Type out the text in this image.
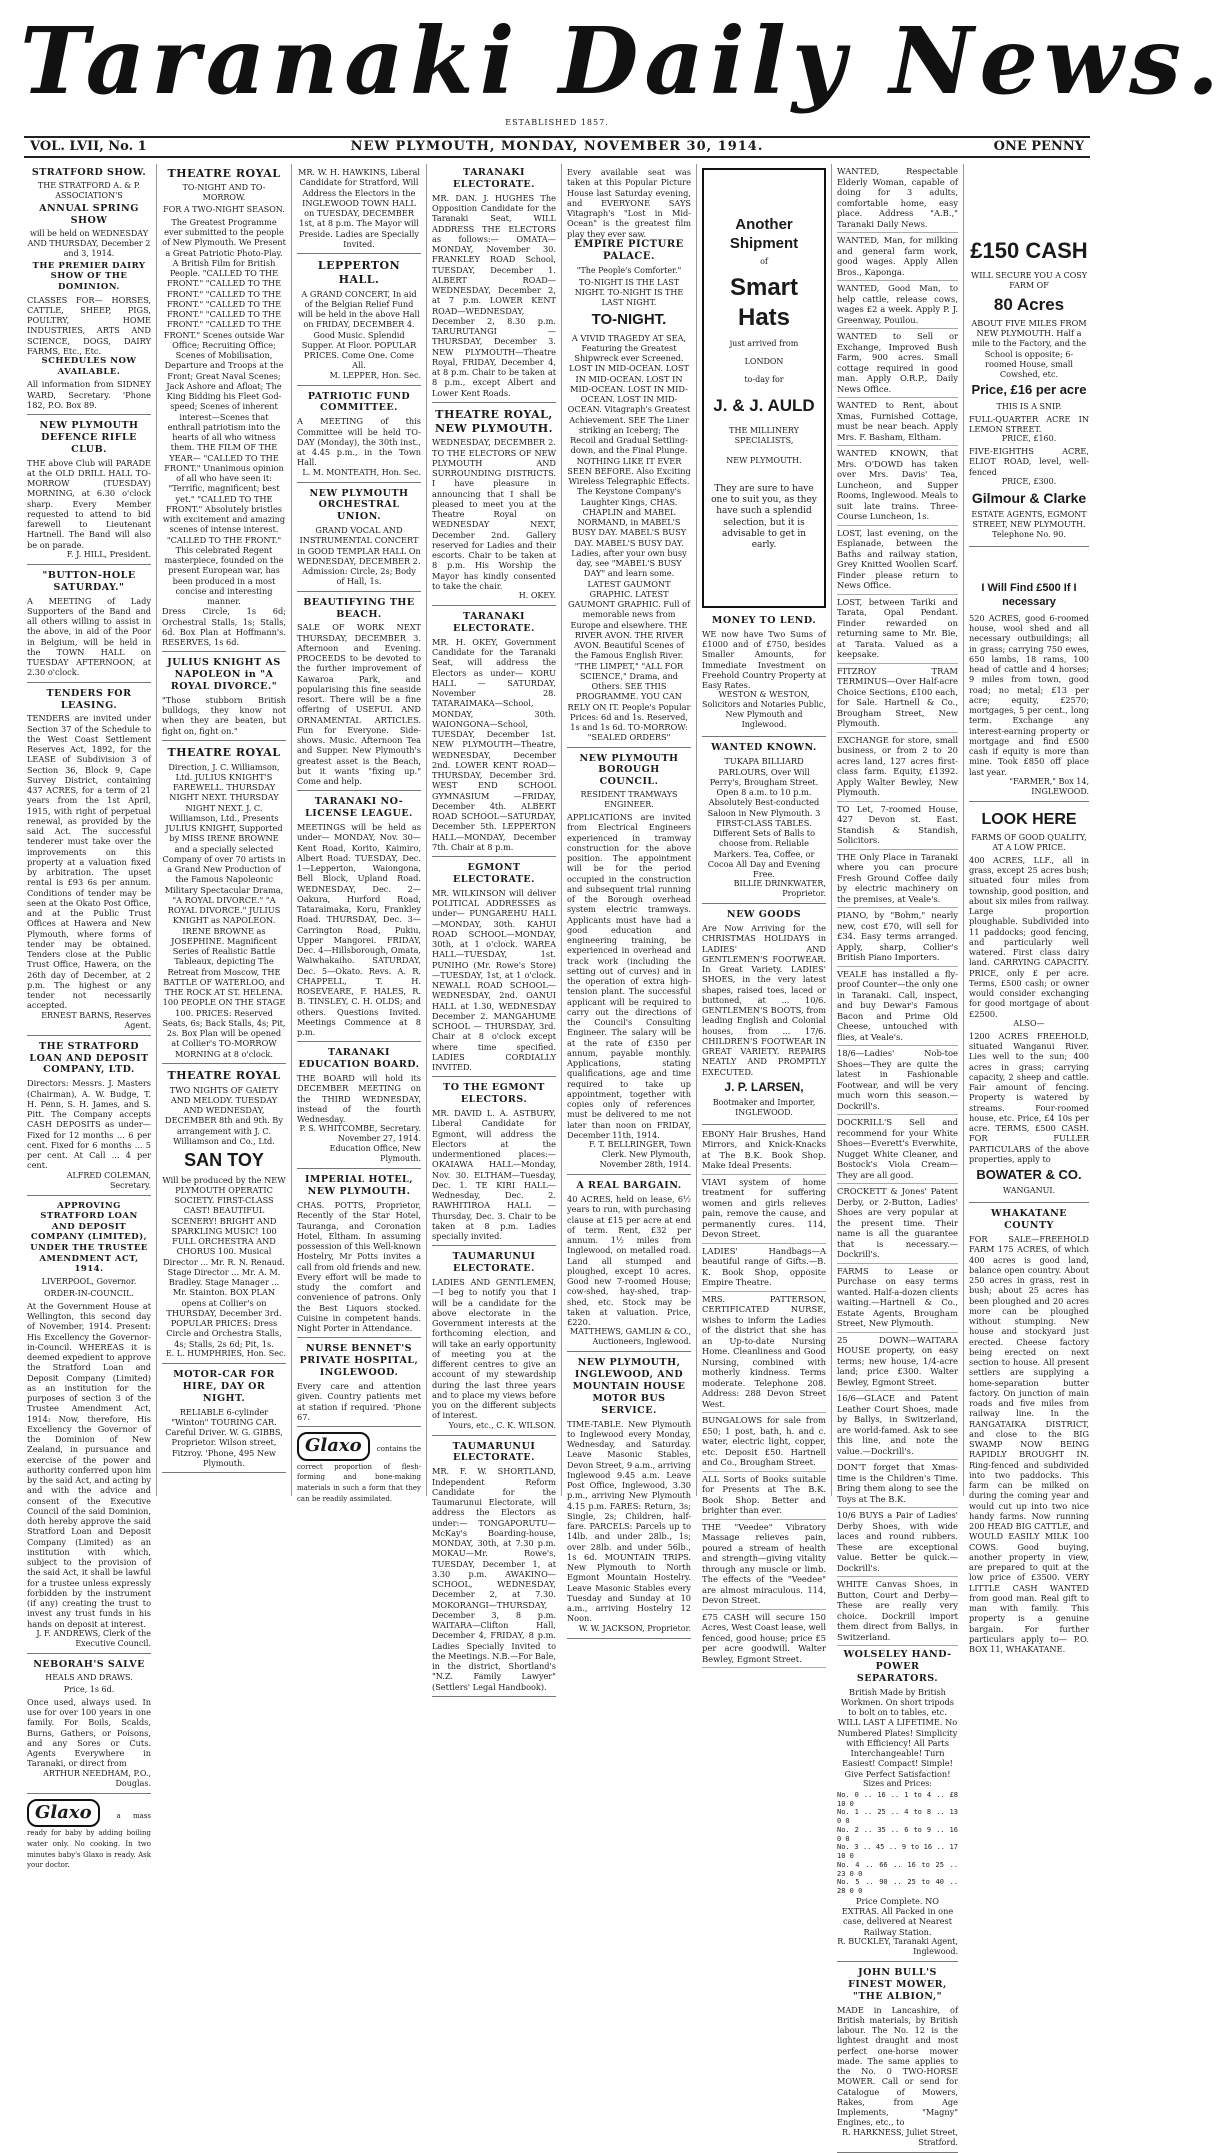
Taranaki Daily News.
ESTABLISHED 1857.
VOL. LVII, No. 1	NEW PLYMOUTH, MONDAY, NOVEMBER 30, 1914.	ONE PENNY
STRATFORD SHOW.
THE STRATFORD A. & P. ASSOCIATION'S
ANNUAL SPRING SHOW
will be held on WEDNESDAY AND THURSDAY, December 2 and 3, 1914.
THE PREMIER DAIRY SHOW OF THE DOMINION.
CLASSES FOR— HORSES, CATTLE, SHEEP, PIGS, POULTRY, HOME INDUSTRIES, ARTS AND SCIENCE, DOGS, DAIRY FARMS, Etc., Etc.
SCHEDULES NOW AVAILABLE.
All information from SIDNEY WARD, Secretary. 'Phone 182, P.O. Box 89.
NEW PLYMOUTH DEFENCE RIFLE CLUB.
THE above Club will PARADE at the OLD DRILL HALL TO-MORROW (TUESDAY) MORNING, at 6.30 o'clock sharp. Every Member requested to attend to bid farewell to Lieutenant Hartnell. The Band will also be on parade.
F. J. HILL, President.
"BUTTON-HOLE SATURDAY."
A MEETING of Lady Supporters of the Band and all others willing to assist in the above, in aid of the Poor in Belgium, will be held in the TOWN HALL on TUESDAY AFTERNOON, at 2.30 o'clock.
TENDERS FOR LEASING.
TENDERS are invited under Section 37 of the Schedule to the West Coast Settlement Reserves Act, 1892, for the LEASE of Subdivision 3 of Section 36, Block 9, Cape Survey District, containing 437 ACRES, for a term of 21 years from the 1st April, 1915, with right of perpetual renewal, as provided by the said Act. The successful tenderer must take over the improvements on this property at a valuation fixed by arbitration. The upset rental is £93 6s per annum. Conditions of tender may be seen at the Okato Post Office, and at the Public Trust Offices at Hawera and New Plymouth, where forms of tender may be obtained. Tenders close at the Public Trust Office, Hawera, on the 26th day of December, at 2 p.m. The highest or any tender not necessarily accepted.
ERNEST BARNS, Reserves Agent.
THE STRATFORD LOAN AND DEPOSIT COMPANY, LTD.
Directors: Messrs. J. Masters (Chairman), A. W. Budge, T. H. Penn, S. H. James, and S. Pitt. The Company accepts CASH DEPOSITS as under— Fixed for 12 months ... 6 per cent. Fixed for 6 months ... 5 per cent. At Call ... 4 per cent.
ALFRED COLEMAN, Secretary.
APPROVING STRATFORD LOAN AND DEPOSIT COMPANY (LIMITED), UNDER THE TRUSTEE AMENDMENT ACT, 1914.
LIVERPOOL, Governor.
ORDER-IN-COUNCIL.
At the Government House at Wellington, this second day of November, 1914. Present: His Excellency the Governor-in-Council. WHEREAS it is deemed expedient to approve the Stratford Loan and Deposit Company (Limited) as an institution for the purposes of section 3 of the Trustee Amendment Act, 1914: Now, therefore, His Excellency the Governor of the Dominion of New Zealand, in pursuance and exercise of the power and authority conferred upon him by the said Act, and acting by and with the advice and consent of the Executive Council of the said Dominion, doth hereby approve the said Stratford Loan and Deposit Company (Limited) as an institution with which, subject to the provision of the said Act, it shall be lawful for a trustee unless expressly forbidden by the instrument (if any) creating the trust to invest any trust funds in his hands on deposit at interest.
J. F. ANDREWS, Clerk of the Executive Council.
NEBORAH'S SALVE
HEALS AND DRAWS.
Price, 1s 6d.
Once used, always used. In use for over 100 years in one family. For Boils, Scalds, Burns, Gathers, or Poisons, and any Sores or Cuts. Agents Everywhere in Taranaki, or direct from
ARTHUR NEEDHAM, P.O., Douglas.
Glaxo	a mass ready for baby by adding boiling water only. No cooking. In two minutes baby's Glaxo is ready. Ask your doctor.
THEATRE ROYAL
TO-NIGHT AND TO-MORROW.
FOR A TWO-NIGHT SEASON.
The Greatest Programme ever submitted to the people of New Plymouth. We Present a Great Patriotic Photo-Play. A British Film for British People. "CALLED TO THE FRONT." "CALLED TO THE FRONT." "CALLED TO THE FRONT." "CALLED TO THE FRONT." "CALLED TO THE FRONT." "CALLED TO THE FRONT." Scenes outside War Office; Recruiting Office; Scenes of Mobilisation, Departure and Troops at the Front; Great Naval Scenes; Jack Ashore and Afloat; The King Bidding his Fleet God-speed; Scenes of inherent interest—Scenes that enthrall patriotism into the hearts of all who witness them. THE FILM OF THE YEAR— "CALLED TO THE FRONT." Unanimous opinion of all who have seen it: "Terrific, magnificent; best yet." "CALLED TO THE FRONT." Absolutely bristles with excitement and amazing scenes of intense interest. "CALLED TO THE FRONT." This celebrated Regent masterpiece, founded on the present European war, has been produced in a most concise and interesting manner.
Dress Circle, 1s 6d; Orchestral Stalls, 1s; Stalls, 6d. Box Plan at Hoffmann's. RESERVES, 1s 6d.
JULIUS KNIGHT AS NAPOLEON in "A ROYAL DIVORCE."
"Those stubborn British bulldogs, they know not when they are beaten, but fight on, fight on."
THEATRE ROYAL
Direction, J. C. Williamson, Ltd. JULIUS KNIGHT'S FAREWELL. THURSDAY NIGHT NEXT. THURSDAY NIGHT NEXT. J. C. Williamson, Ltd., Presents JULIUS KNIGHT, Supported by MISS IRENE BROWNE and a specially selected Company of over 70 artists in a Grand New Production of the Famous Napoleonic Military Spectacular Drama, "A ROYAL DIVORCE." "A ROYAL DIVORCE." JULIUS KNIGHT as NAPOLEON. IRENE BROWNE as JOSEPHINE. Magnificent Series of Realistic Battle Tableaux, depicting The Retreat from Moscow, THE BATTLE OF WATERLOO, and THE ROCK AT ST. HELENA. 100 PEOPLE ON THE STAGE 100. PRICES: Reserved Seats, 6s; Back Stalls, 4s; Pit, 2s. Box Plan will be opened at Collier's TO-MORROW MORNING at 8 o'clock.
THEATRE ROYAL
TWO NIGHTS OF GAIETY AND MELODY. TUESDAY AND WEDNESDAY, DECEMBER 8th and 9th. By arrangement with J. C. Williamson and Co., Ltd.
SAN TOY
Will be produced by the NEW PLYMOUTH OPERATIC SOCIETY. FIRST-CLASS CAST! BEAUTIFUL SCENERY! BRIGHT AND SPARKLING MUSIC! 100 FULL ORCHESTRA AND CHORUS 100. Musical Director ... Mr. R. N. Renaud. Stage Director ... Mr. A. M. Bradley. Stage Manager ... Mr. Stainton. BOX PLAN opens at Collier's on THURSDAY, December 3rd. POPULAR PRICES: Dress Circle and Orchestra Stalls, 4s; Stalls, 2s 6d; Pit, 1s.
E. L. HUMPHRIES, Hon. Sec.
MOTOR-CAR FOR HIRE, DAY OR NIGHT.
RELIABLE 6-cylinder "Winton" TOURING CAR. Careful Driver. W. G. GIBBS, Proprietor. Wilson street, Fitzroy. 'Phone, 495 New Plymouth.
MR. W. H. HAWKINS, Liberal Candidate for Stratford, Will Address the Electors in the INGLEWOOD TOWN HALL on TUESDAY, DECEMBER 1st, at 8 p.m. The Mayor will Preside. Ladies are Specially Invited.
LEPPERTON HALL.
A GRAND CONCERT, In aid of the Belgian Relief Fund will be held in the above Hall on FRIDAY, DECEMBER 4. Good Music. Splendid Supper. At Floor. POPULAR PRICES. Come One. Come All.
M. LEPPER, Hon. Sec.
PATRIOTIC FUND COMMITTEE.
A MEETING of this Committee will be held TO-DAY (Monday), the 30th inst., at 4.45 p.m., in the Town Hall.
L. M. MONTEATH, Hon. Sec.
NEW PLYMOUTH ORCHESTRAL UNION.
GRAND VOCAL AND INSTRUMENTAL CONCERT in GOOD TEMPLAR HALL On WEDNESDAY, DECEMBER 2. Admission: Circle, 2s; Body of Hall, 1s.
BEAUTIFYING THE BEACH.
SALE OF WORK NEXT THURSDAY, DECEMBER 3. Afternoon and Evening. PROCEEDS to be devoted to the further improvement of Kawaroa Park, and popularising this fine seaside resort. There will be a fine offering of USEFUL AND ORNAMENTAL ARTICLES. Fun for Everyone. Side-shows. Music. Afternoon Tea and Supper. New Plymouth's greatest asset is the Beach, but it wants "fixing up." Come and help.
TARANAKI NO-LICENSE LEAGUE.
MEETINGS will be held as under— MONDAY, Nov. 30—Kent Road, Korito, Kaimiro, Albert Road. TUESDAY, Dec. 1—Lepperton, Waiongona, Bell Block, Upland Road. WEDNESDAY, Dec. 2—Oakura, Hurford Road, Tataraimaka, Koru, Frankley Road. THURSDAY, Dec. 3—Carrington Road, Pukiu, Upper Mangorei. FRIDAY, Dec. 4—Hillsborough, Omata, Waiwhakaiho. SATURDAY, Dec. 5—Okato. Revs. A. R. CHAPPELL, T. H. ROSEVEARE, F. HALES, R. B. TINSLEY, C. H. OLDS; and others. Questions Invited. Meetings Commence at 8 p.m.
TARANAKI EDUCATION BOARD.
THE BOARD will hold its DECEMBER MEETING on the THIRD WEDNESDAY, instead of the fourth Wednesday.
P. S. WHITCOMBE, Secretary. November 27, 1914. Education Office, New Plymouth.
IMPERIAL HOTEL, NEW PLYMOUTH.
CHAS. POTTS, Proprietor, Recently of the Star Hotel, Tauranga, and Coronation Hotel, Eltham. In assuming possession of this Well-known Hostelry, Mr Potts invites a call from old friends and new. Every effort will be made to study the comfort and convenience of patrons. Only the Best Liquors stocked. Cuisine in competent hands. Night Porter in Attendance.
NURSE BENNET'S PRIVATE HOSPITAL, INGLEWOOD.
Every care and attention given. Country patients met at station if required. 'Phone 67.
Glaxo contains the correct proportion of flesh-forming and bone-making materials in such a form that they can be readily assimilated.
TARANAKI ELECTORATE.
MR. DAN. J. HUGHES The Opposition Candidate for the Taranaki Seat, WILL ADDRESS THE ELECTORS as follows:— OMATA—MONDAY, November 30. FRANKLEY ROAD School, TUESDAY, December 1. ALBERT ROAD—WEDNESDAY, December 2, at 7 p.m. LOWER KENT ROAD—WEDNESDAY, December 2, 8.30 p.m. TARURUTANGI — THURSDAY, December 3. NEW PLYMOUTH—Theatre Royal, FRIDAY, December 4, at 8 p.m. Chair to be taken at 8 p.m., except Albert and Lower Kent Roads.
THEATRE ROYAL, NEW PLYMOUTH.
WEDNESDAY, DECEMBER 2. TO THE ELECTORS OF NEW PLYMOUTH AND SURROUNDING DISTRICTS. I have pleasure in announcing that I shall be pleased to meet you at the Theatre Royal on WEDNESDAY NEXT, December 2nd. Gallery reserved for Ladies and their escorts. Chair to be taken at 8 p.m. His Worship the Mayor has kindly consented to take the chair.
H. OKEY.
TARANAKI ELECTORATE.
MR. H. OKEY, Government Candidate for the Taranaki Seat, will address the Electors as under— KORU HALL — SATURDAY, November 28. TATARAIMAKA—School, MONDAY, 30th. WAIONGONA—School, TUESDAY, December 1st. NEW PLYMOUTH—Theatre, WEDNESDAY, December 2nd. LOWER KENT ROAD—THURSDAY, December 3rd. WEST END SCHOOL GYMNASIUM —FRIDAY, December 4th. ALBERT ROAD SCHOOL—SATURDAY, December 5th. LEPPERTON HALL—MONDAY, December 7th. Chair at 8 p.m.
EGMONT ELECTORATE.
MR. WILKINSON will deliver POLITICAL ADDRESSES as under— PUNGAREHU HALL—MONDAY, 30th. KAHUI ROAD SCHOOL—MONDAY, 30th, at 1 o'clock. WAREA HALL—TUESDAY, 1st. PUNIHO (Mr. Rowe's Store)—TUESDAY, 1st, at 1 o'clock. NEWALL ROAD SCHOOL—WEDNESDAY, 2nd. OANUI HALL at 1.30, WEDNESDAY December 2. MANGAHUME SCHOOL — THURSDAY, 3rd. Chair at 8 o'clock except where time specified. LADIES CORDIALLY INVITED.
TO THE EGMONT ELECTORS.
MR. DAVID L. A. ASTBURY, Liberal Candidate for Egmont, will address the Electors at the undermentioned places:— OKAIAWA HALL—Monday, Nov. 30. ELTHAM—Tuesday, Dec. 1. TE KIRI HALL—Wednesday, Dec. 2. RAWHITIROA HALL — Thursday, Dec. 3. Chair to be taken at 8 p.m. Ladies specially invited.
TAUMARUNUI ELECTORATE.
LADIES AND GENTLEMEN,—I beg to notify you that I will be a candidate for the above electorate in the Government interests at the forthcoming election, and will take an early opportunity of meeting you at the different centres to give an account of my stewardship during the last three years and to place my views before you on the different subjects of interest.
Yours, etc., C. K. WILSON.
TAUMARUNUI ELECTORATE.
MR. F. W. SHORTLAND, Independent Reform Candidate for the Taumarunui Electorate, will address the Electors as under:— TONGAPORUTU—McKay's Boarding-house, MONDAY, 30th, at 7.30 p.m. MOKAU—Mr. Rowe's, TUESDAY, December 1, at 3.30 p.m. AWAKINO—SCHOOL, WEDNESDAY, December 2, at 7.30. MOKORANGI—THURSDAY, December 3, 8 p.m. WAITARA—Clifton Hall, December 4, FRIDAY, 8 p.m. Ladies Specially Invited to the Meetings. N.B.—For Bale, in the district, Shortland's "N.Z. Family Lawyer" (Settlers' Legal Handbook).
Every available seat was taken at this Popular Picture House last Saturday evening, and EVERYONE SAYS Vitagraph's "Lost in Mid-Ocean" is the greatest film play they ever saw.
EMPIRE PICTURE PALACE.
"The People's Comforter."
TO-NIGHT IS THE LAST NIGHT. TO-NIGHT IS THE LAST NIGHT.
TO-NIGHT.
A VIVID TRAGEDY AT SEA, Featuring the Greatest Shipwreck ever Screened. LOST IN MID-OCEAN. LOST IN MID-OCEAN. LOST IN MID-OCEAN. LOST IN MID-OCEAN. LOST IN MID-OCEAN. Vitagraph's Greatest Achievement. SEE The Liner striking an Iceberg; The Recoil and Gradual Settling-down, and the Final Plunge. NOTHING LIKE IT EVER SEEN BEFORE. Also Exciting Wireless Telegraphic Effects. The Keystone Company's Laughter Kings, CHAS. CHAPLIN and MABEL NORMAND, in MABEL'S BUSY DAY. MABEL'S BUSY DAY. MABEL'S BUSY DAY. Ladies, after your own busy day, see "MABEL'S BUSY DAY" and learn some. LATEST GAUMONT GRAPHIC. LATEST GAUMONT GRAPHIC. Full of memorable news from Europe and elsewhere. THE RIVER AVON. THE RIVER AVON. Beautiful Scenes of the Famous English River. "THE LIMPET," "ALL FOR SCIENCE," Drama, and Others. SEE THIS PROGRAMME. YOU CAN RELY ON IT. People's Popular Prices: 6d and 1s. Reserved, 1s and 1s 6d. TO-MORROW: "SEALED ORDERS"
NEW PLYMOUTH BOROUGH COUNCIL.
RESIDENT TRAMWAYS ENGINEER.
APPLICATIONS are invited from Electrical Engineers experienced in tramway construction for the above position. The appointment will be for the period occupied in the construction and subsequent trial running of the Borough overhead system electric tramways. Applicants must have had a good education and engineering training, be experienced in overhead and track work (including the setting out of curves) and in the operation of extra high-tension plant. The successful applicant will be required to carry out the directions of the Council's Consulting Engineer. The salary will be at the rate of £350 per annum, payable monthly. Applications, stating qualifications, age and time required to take up appointment, together with copies only of references must be delivered to me not later than noon on FRIDAY, December 11th, 1914.
F. T. BELLRINGER, Town Clerk. New Plymouth, November 28th, 1914.
A REAL BARGAIN.
40 ACRES, held on lease, 6½ years to run, with purchasing clause at £15 per acre at end of term. Rent, £32 per annum. 1½ miles from Inglewood, on metalled road. Land all stumped and ploughed, except 10 acres. Good new 7-roomed House; cow-shed, hay-shed, trap-shed, etc. Stock may be taken at valuation. Price, £220.
MATTHEWS, GAMLIN & CO., Auctioneers, Inglewood.
NEW PLYMOUTH, INGLEWOOD, AND MOUNTAIN HOUSE MOTOR BUS SERVICE.
TIME-TABLE. New Plymouth to Inglewood every Monday, Wednesday, and Saturday. Leave Masonic Stables, Devon Street, 9 a.m., arriving Inglewood 9.45 a.m. Leave Post Office, Inglewood, 3.30 p.m., arriving New Plymouth 4.15 p.m. FARES: Return, 3s; Single, 2s; Children, half-fare. PARCELS: Parcels up to 14lb. and under 28lb., 1s; over 28lb. and under 56lb., 1s 6d. MOUNTAIN TRIPS. New Plymouth to North Egmont Mountain Hostelry. Leave Masonic Stables every Tuesday and Sunday at 10 a.m., arriving Hostelry 12 Noon.
W. W. JACKSON, Proprietor.
Another Shipment
of
Smart Hats
just arrived from
LONDON
to-day for
J. & J. AULD
THE MILLINERY SPECIALISTS,
NEW PLYMOUTH.
They are sure to have one to suit you, as they have such a splendid selection, but it is advisable to get in early.
MONEY TO LEND.
WE now have Two Sums of £1000 and of £750, besides Smaller Amounts, for Immediate Investment on Freehold Country Property at Easy Rates.
WESTON & WESTON, Solicitors and Notaries Public, New Plymouth and Inglewood.
WANTED KNOWN.
TUKAPA BILLIARD PARLOURS, Over Will Perry's, Brougham Street. Open 8 a.m. to 10 p.m. Absolutely Best-conducted Saloon in New Plymouth. 3 FIRST-CLASS TABLES. Different Sets of Balls to choose from. Reliable Markers. Tea, Coffee, or Cocoa All Day and Evening Free.
BILLIE DRINKWATER, Proprietor.
NEW GOODS
Are Now Arriving for the CHRISTMAS HOLIDAYS in LADIES' AND GENTLEMEN'S FOOTWEAR. In Great Variety. LADIES' SHOES, in the very latest shapes, raised toes, laced or buttoned, at ... 10/6. GENTLEMEN'S BOOTS, from leading English and Colonial houses, from ... 17/6. CHILDREN'S FOOTWEAR IN GREAT VARIETY. REPAIRS NEATLY AND PROMPTLY EXECUTED.
J. P. LARSEN,
Bootmaker and Importer, INGLEWOOD.
EBONY Hair Brushes, Hand Mirrors, and Knick-Knacks at The B.K. Book Shop. Make Ideal Presents.
VIAVI system of home treatment for suffering women and girls relieves pain, remove the cause, and permanently cures. 114, Devon Street.
LADIES' Handbags—A beautiful range of Gifts.—B. K. Book Shop, opposite Empire Theatre.
MRS. PATTERSON, CERTIFICATED NURSE, wishes to inform the Ladies of the district that she has an Up-to-date Nursing Home. Cleanliness and Good Nursing, combined with motherly kindness. Terms moderate. Telephone 208. Address: 288 Devon Street West.
BUNGALOWS for sale from £50; 1 post, bath, h. and c. water, electric light, copper, etc. Deposit £50. Hartnell and Co., Brougham Street.
ALL Sorts of Books suitable for Presents at The B.K. Book Shop. Better and brighter than ever.
THE "Veedee" Vibratory Massage relieves pain, poured a stream of health and strength—giving vitality through any muscle or limb. The effects of the "Veedee" are almost miraculous. 114, Devon Street.
£75 CASH will secure 150 Acres, West Coast lease, well fenced, good house; price £5 per acre goodwill. Walter Bewley, Egmont Street.
WANTED, Respectable Elderly Woman, capable of doing for 3 adults, comfortable home, easy place. Address "A.B.," Taranaki Daily News.
WANTED, Man, for milking and general farm work, good wages. Apply Allen Bros., Kaponga.
WANTED, Good Man, to help cattle, release cows, wages £2 a week. Apply P. J. Greenway, Pouilou.
WANTED to Sell or Exchange, Improved Bush Farm, 900 acres. Small cottage required in good man. Apply O.R.P., Daily News Office.
WANTED to Rent, about Xmas, Furnished Cottage, must be near beach. Apply Mrs. F. Basham, Eltham.
WANTED KNOWN, that Mrs. O'DOWD has taken over Mrs. Davis' Tea, Luncheon, and Supper Rooms, Inglewood. Meals to suit late trains. Three-Course Luncheon, 1s.
LOST, last evening, on the Esplanade, between the Baths and railway station, Grey Knitted Woollen Scarf. Finder please return to News Office.
LOST, between Tariki and Tarata, Opal Pendant. Finder rewarded on returning same to Mr. Bie, at Tarata. Valued as a keepsake.
FITZROY TRAM TERMINUS—Over Half-acre Choice Sections, £100 each, for Sale. Hartnell & Co., Brougham Street, New Plymouth.
EXCHANGE for store, small business, or from 2 to 20 acres land, 127 acres first-class farm. Equity, £1392. Apply Walter Bewley, New Plymouth.
TO Let, 7-roomed House, 427 Devon st. East. Standish & Standish, Solicitors.
THE Only Place in Taranaki where you can procure Fresh Ground Coffee daily by electric machinery on the premises, at Veale's.
PIANO, by "Bohm," nearly new, cost £70, will sell for £34. Easy terms arranged. Apply, sharp, Collier's British Piano Importers.
VEALE has installed a fly-proof Counter—the only one in Taranaki. Call, inspect, and buy Dewar's Famous Bacon and Prime Old Cheese, untouched with flies, at Veale's.
18/6—Ladies' Nob-toe Shoes—They are quite the latest in Fashionable Footwear, and will be very much worn this season.—Dockrill's.
DOCKRILL'S Sell and recommend for your White Shoes—Everett's Everwhite, Nugget White Cleaner, and Bostock's Viola Cream—They are all good.
CROCKETT & Jones' Patent Derby, or 2-Button, Ladies' Shoes are very popular at the present time. Their name is all the guarantee that is necessary.—Dockrill's.
FARMS to Lease or Purchase on easy terms wanted. Half-a-dozen clients waiting.—Hartnell & Co., Estate Agents, Brougham Street, New Plymouth.
25 DOWN—WAITARA HOUSE property, on easy terms; new house, 1/4-acre land; price £300. Walter Bewley, Egmont Street.
16/6—GLACE and Patent Leather Court Shoes, made by Ballys, in Switzerland, are world-famed. Ask to see this line, and note the value.—Dockrill's.
DON'T forget that Xmas-time is the Children's Time. Bring them along to see the Toys at The B.K.
10/6 BUYS a Pair of Ladies' Derby Shoes, with wide laces and round rubbers. These are exceptional value. Better be quick.—Dockrill's.
WHITE Canvas Shoes, in Button, Court and Derby—These are really very choice. Dockrill import them direct from Ballys, in Switzerland.
WOLSELEY HAND-POWER SEPARATORS.
British Made by British Workmen. On short tripods to bolt on to tables, etc. WILL LAST A LIFETIME. No Numbered Plates! Simplicity with Efficiency! All Parts Interchangeable! Turn Easiest! Compact! Simple! Give Perfect Satisfaction!
Sizes and Prices:
No. 0 .. 16 .. 1 to 4 .. £8 10 0
No. 1 .. 25 .. 4 to 8 .. 13 0 0
No. 2 .. 35 .. 6 to 9 .. 16 0 0
No. 3 .. 45 .. 9 to 16 .. 17 10 0
No. 4 .. 66 .. 16 to 25 .. 23 0 0
No. 5 .. 90 .. 25 to 40 .. 28 0 0
Price Complete. NO EXTRAS. All Packed in one case, delivered at Nearest Railway Station.
R. BUCKLEY, Taranaki Agent, Inglewood.
JOHN BULL'S FINEST MOWER, "THE ALBION,"
MADE in Lancashire, of British materials, by British labour. The No. 12 is the lightest draught and most perfect one-horse mower made. The same applies to the No. 0 TWO-HORSE MOWER. Call or send for Catalogue of Mowers, Rakes, from Age Implements, "Magny" Engines, etc., to
R. HARKNESS, Juliet Street, Stratford.
£150 CASH
WILL SECURE YOU A COSY FARM OF
80 Acres
ABOUT FIVE MILES FROM NEW PLYMOUTH. Half a mile to the Factory, and the School is opposite; 6-roomed House, small Cowshed, etc.
Price, £16 per acre
THIS IS A SNIP.
FULL-QUARTER ACRE IN LEMON STREET.
PRICE, £160.
FIVE-EIGHTHS ACRE, ELIOT ROAD, level, well-fenced
PRICE, £300.
Gilmour & Clarke
ESTATE AGENTS, EGMONT STREET, NEW PLYMOUTH. Telephone No. 90.
I Will Find £500 If I necessary
520 ACRES, good 6-roomed house, wool shed and all necessary outbuildings; all in grass; carrying 750 ewes, 650 lambs, 18 rams, 100 head of cattle and 4 horses; 9 miles from town, good road; no metal; £13 per acre; equity, £2570; mortgages, 5 per cent., long term. Exchange any interest-earning property or mortgage and find £500 cash if equity is more than mine. Took £850 off place last year.
"FARMER," Box 14, INGLEWOOD.
LOOK HERE
FARMS OF GOOD QUALITY, AT A LOW PRICE.
400 ACRES, LLF., all in grass, except 25 acres bush; situated four miles from township, good position, and about six miles from railway. Large proportion ploughable. Subdivided into 11 paddocks; good fencing, and particularly well watered. First class dairy land. CARRYING CAPACITY. PRICE, only £ per acre. Terms, £500 cash; or owner would consider exchanging for good mortgage of about £2500.
ALSO—
1200 ACRES FREEHOLD, situated Wanganui River. Lies well to the sun; 400 acres in grass; carrying capacity, 2 sheep and cattle. Fair amount of fencing. Property is watered by streams. Four-roomed house, etc. Price, £4 10s per acre. TERMS, £500 CASH. FOR FULLER PARTICULARS of the above properties, apply to
BOWATER & CO.
WANGANUI.
WHAKATANE COUNTY
FOR SALE—FREEHOLD FARM 175 ACRES, of which 400 acres is good land, balance open country. About 250 acres in grass, rest in bush; about 25 acres has been ploughed and 20 acres more can be ploughed without stumping. New house and stockyard just erected. Cheese factory being erected on next section to house. All present settlers are supplying a home-separation butter factory. On junction of main roads and five miles from railway line. In the RANGATAIKA DISTRICT, and close to the BIG SWAMP NOW BEING RAPIDLY BROUGHT IN. Ring-fenced and subdivided into two paddocks. This farm can be milked on during the coming year and would cut up into two nice handy farms. Now running 200 HEAD BIG CATTLE, and WOULD EASILY MILK 100 COWS. Good buying, another property in view, are prepared to quit at the low price of £3500. VERY LITTLE CASH WANTED from good man. Real gift to man with family. This property is a genuine bargain. For further particulars apply to— P.O. BOX 11, WHAKATANE.
